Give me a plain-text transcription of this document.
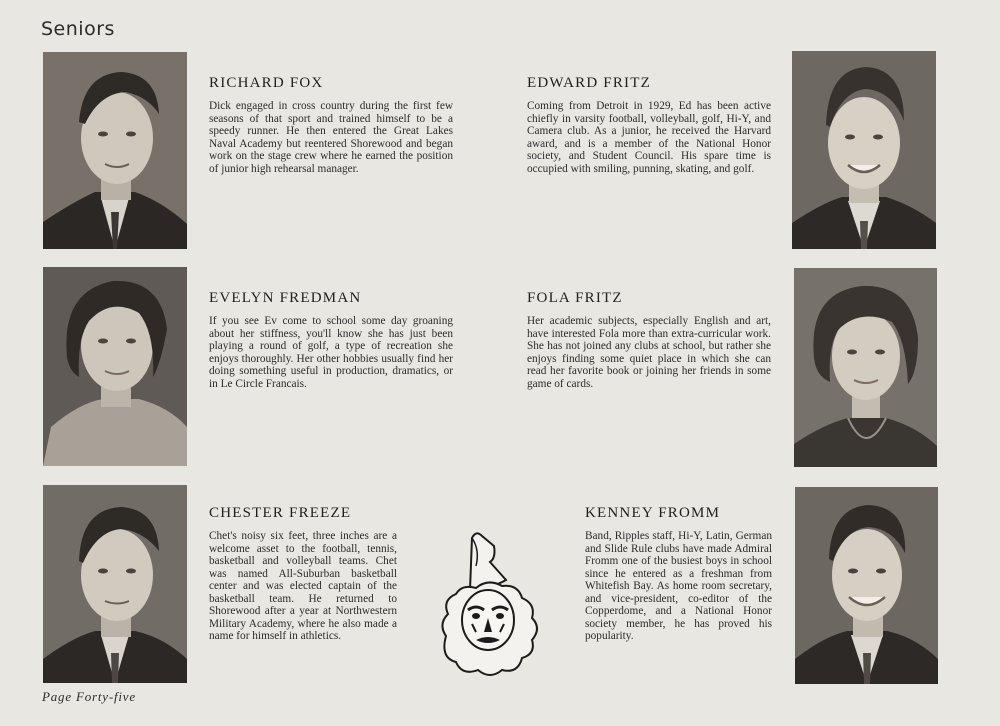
Seniors
RICHARD FOX

Dick engaged in cross country during the first few seasons of that sport and trained himself to be a speedy runner. He then entered the Great Lakes Naval Academy but reentered Shorewood and began work on the stage crew where he earned the position of junior high rehearsal manager.

EDWARD FRITZ

Coming from Detroit in 1929, Ed has been active chiefly in varsity football, volleyball, golf, Hi-Y, and Camera club. As a junior, he received the Harvard award, and is a member of the National Honor society, and Student Council. His spare time is occupied with smiling, punning, skating, and golf.

EVELYN FREDMAN

If you see Ev come to school some day groaning about her stiffness, you'll know she has just been playing a round of golf, a type of recreation she enjoys thoroughly. Her other hobbies usually find her doing something useful in production, dramatics, or in Le Circle Francais.

FOLA FRITZ

Her academic subjects, especially English and art, have interested Fola more than extra-curricular work. She has not joined any clubs at school, but rather she enjoys finding some quiet place in which she can read her favorite book or joining her friends in some game of cards.

CHESTER FREEZE

Chet's noisy six feet, three inches are a welcome asset to the football, tennis, basketball and volleyball teams. Chet was named All-Suburban basketball center and was elected captain of the basketball team. He returned to Shorewood after a year at Northwestern Military Academy, where he also made a name for himself in athletics.

KENNEY FROMM

Band, Ripples staff, Hi-Y, Latin, German and Slide Rule clubs have made Admiral Fromm one of the busiest boys in school since he entered as a freshman from Whitefish Bay. As home room secretary, and vice-president, co-editor of the Copperdome, and a National Honor society member, he has proved his popularity.

Page Forty-five
